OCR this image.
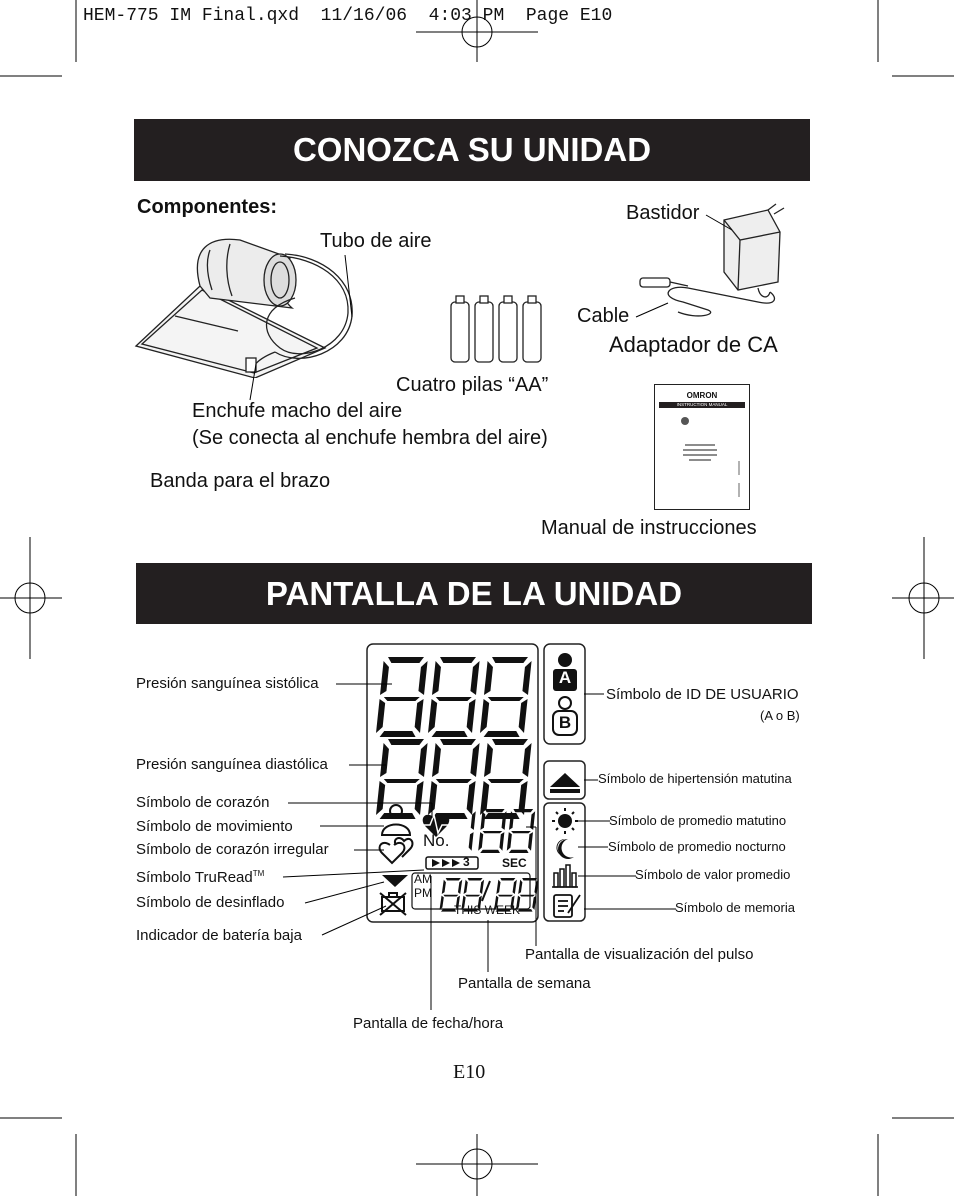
HEM-775 IM Final.qxd  11/16/06  4:03 PM  Page E10
CONOZCA SU UNIDAD
Componentes:
Tubo de aire
Cuatro pilas “AA”
Bastidor
Cable
Adaptador de CA
Enchufe macho del aire
(Se conecta al enchufe hembra del aire)
Banda para el brazo
OMRON
INSTRUCTION MANUAL
Manual de instrucciones
PANTALLA DE LA UNIDAD
A
B
No.
3	SEC
AM
PM
THIS WEEK
Presión sanguínea sistólica
Presión sanguínea diastólica
Símbolo de corazón
Símbolo de movimiento
Símbolo de corazón irregular
Símbolo TruRead™
Símbolo de desinflado
Indicador de batería baja
Símbolo de ID DE USUARIO
(A o B)
Símbolo de hipertensión matutina
Símbolo de promedio matutino
Símbolo de promedio nocturno
Símbolo de valor promedio
Símbolo de memoria
Pantalla de visualización del pulso
Pantalla de semana
Pantalla de fecha/hora
E10
